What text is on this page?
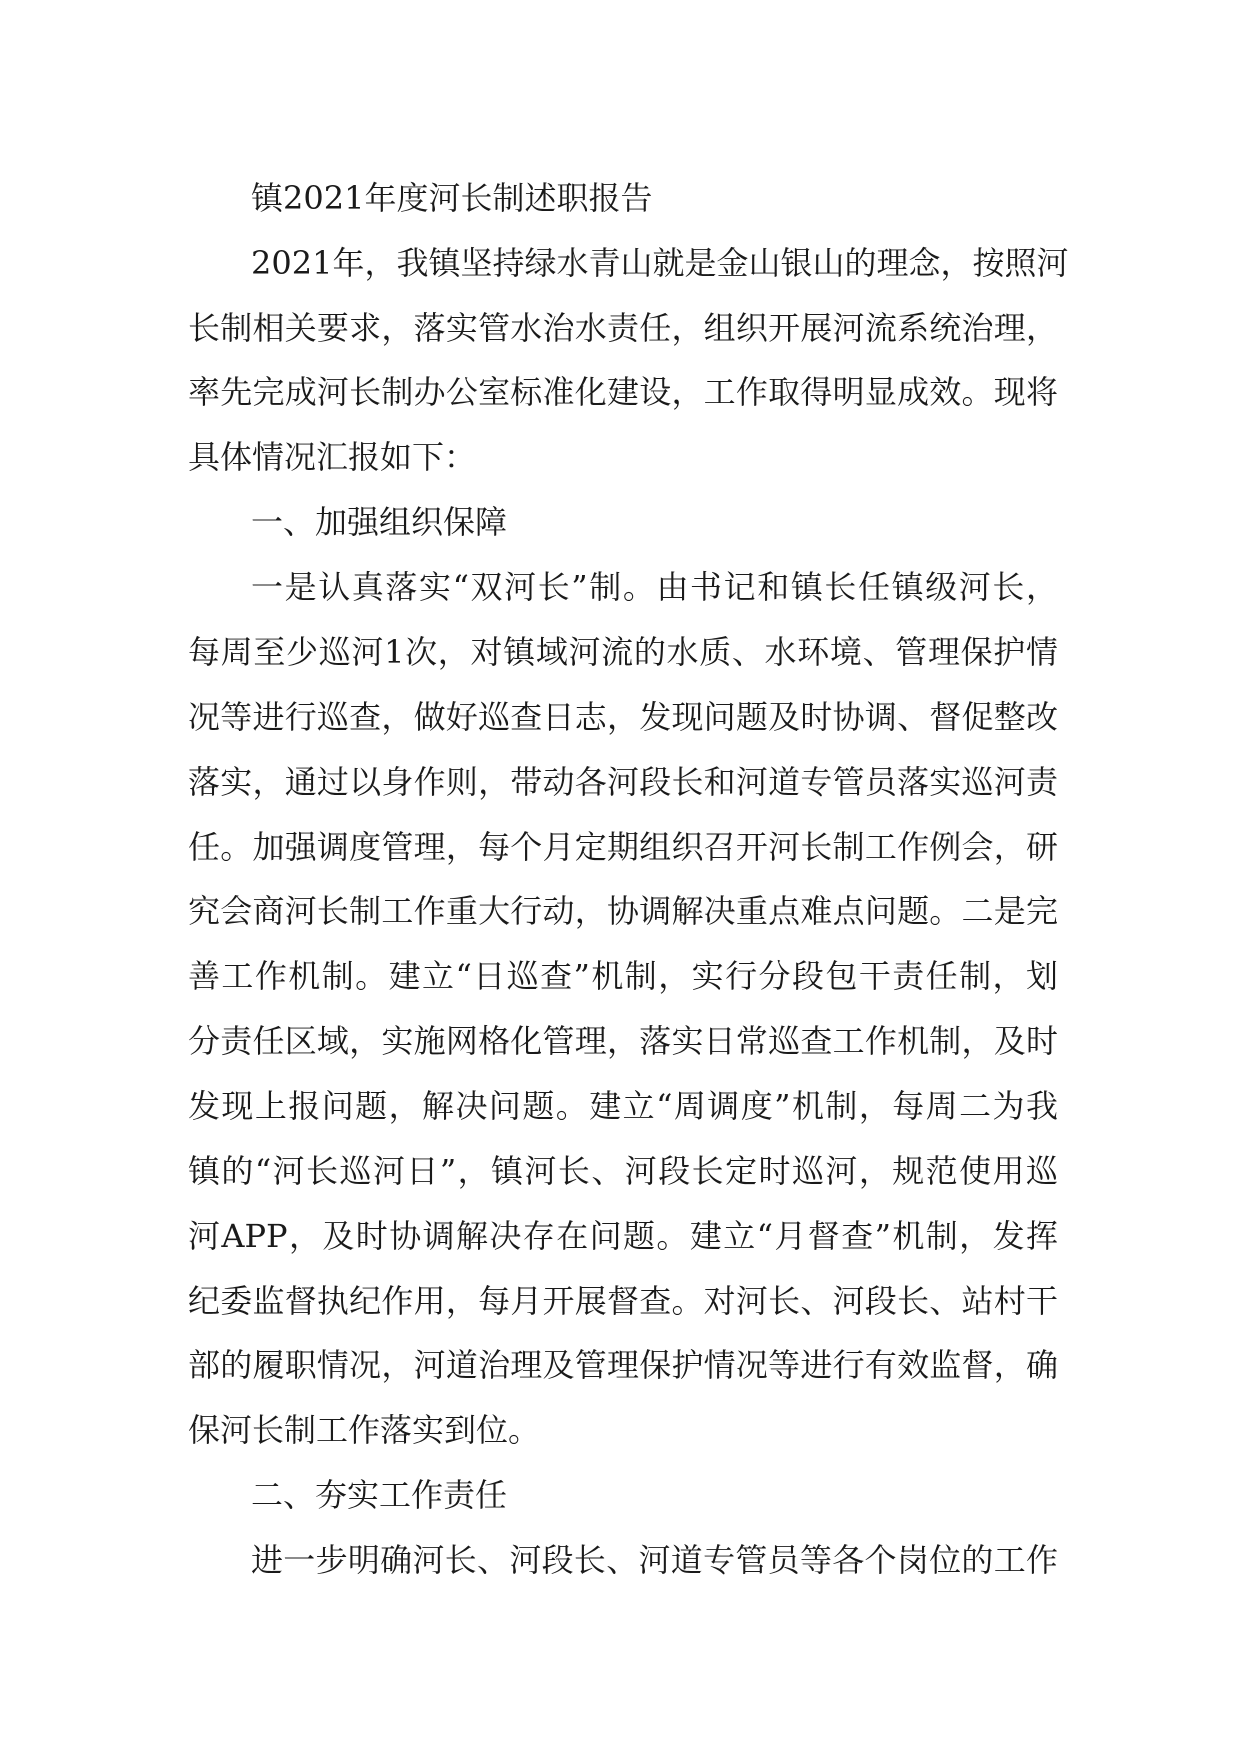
镇2021年度河长制述职报告

2021年，我镇坚持绿水青山就是金山银山的理念，按照河

长制相关要求，落实管水治水责任，组织开展河流系统治理，

率先完成河长制办公室标准化建设，工作取得明显成效。现将

具体情况汇报如下：

一、加强组织保障

一是认真落实“双河长”制。由书记和镇长任镇级河长，

每周至少巡河1次，对镇域河流的水质、水环境、管理保护情

况等进行巡查，做好巡查日志，发现问题及时协调、督促整改

落实，通过以身作则，带动各河段长和河道专管员落实巡河责

任。加强调度管理，每个月定期组织召开河长制工作例会，研

究会商河长制工作重大行动，协调解决重点难点问题。二是完

善工作机制。建立“日巡查”机制，实行分段包干责任制，划

分责任区域，实施网格化管理，落实日常巡查工作机制，及时

发现上报问题，解决问题。建立“周调度”机制，每周二为我

镇的“河长巡河日”，镇河长、河段长定时巡河，规范使用巡

河APP，及时协调解决存在问题。建立“月督查”机制，发挥

纪委监督执纪作用，每月开展督查。对河长、河段长、站村干

部的履职情况，河道治理及管理保护情况等进行有效监督，确

保河长制工作落实到位。

二、夯实工作责任

进一步明确河长、河段长、河道专管员等各个岗位的工作
